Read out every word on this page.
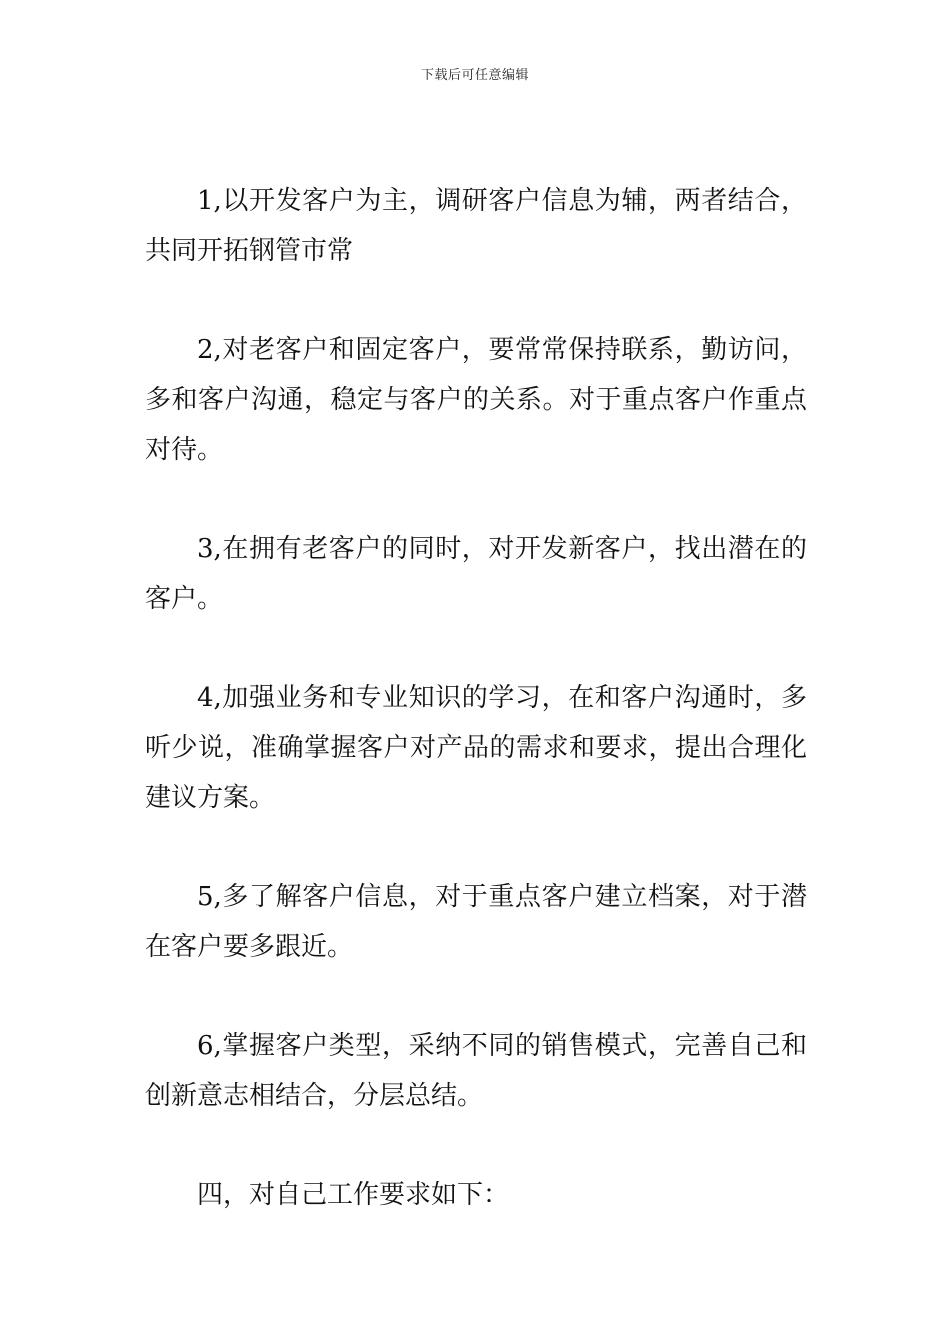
下载后可任意编辑

1,以开发客户为主，调研客户信息为辅，两者结合，共同开拓钢管市常

2,对老客户和固定客户，要常常保持联系，勤访问，多和客户沟通，稳定与客户的关系。对于重点客户作重点对待。

3,在拥有老客户的同时，对开发新客户，找出潜在的客户。

4,加强业务和专业知识的学习，在和客户沟通时，多听少说，准确掌握客户对产品的需求和要求，提出合理化建议方案。

5,多了解客户信息，对于重点客户建立档案，对于潜在客户要多跟近。

6,掌握客户类型，采纳不同的销售模式，完善自己和创新意志相结合，分层总结。

四，对自己工作要求如下：
